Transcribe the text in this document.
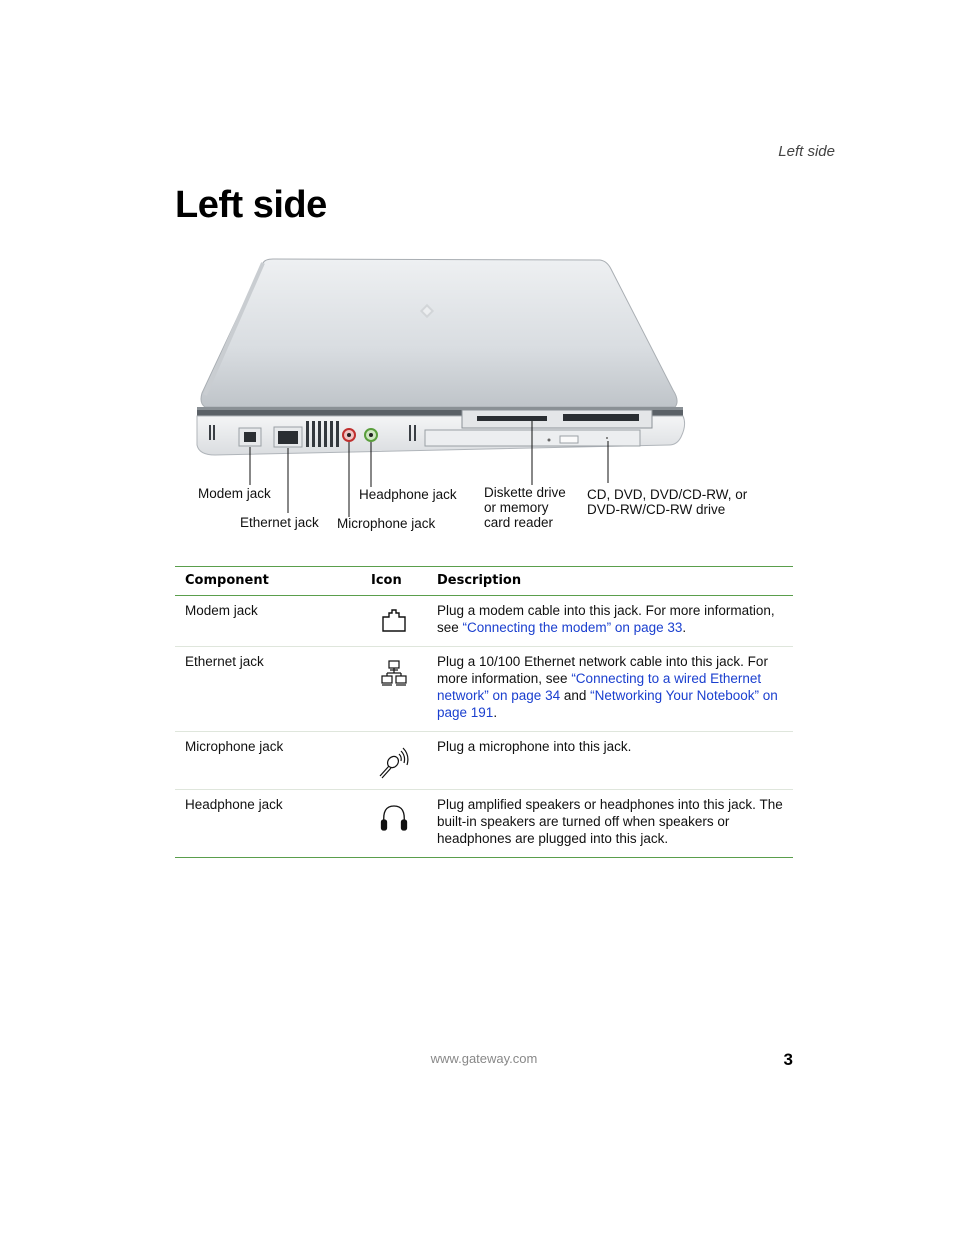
Left side
Left side
Modem jack
Ethernet jack
Headphone jack
Microphone jack
Diskette drive
or memory
card reader
CD, DVD, DVD/CD-RW, or
DVD-RW/CD-RW drive
Component	Icon	Description
Modem jack		Plug a modem cable into this jack. For more information, see “Connecting the modem” on page 33.
Ethernet jack		Plug a 10/100 Ethernet network cable into this jack. For more information, see “Connecting to a wired Ethernet network” on page 34 and “Networking Your Notebook” on page 191.
Microphone jack		Plug a microphone into this jack.
Headphone jack		Plug amplified speakers or headphones into this jack. The built-in speakers are turned off when speakers or headphones are plugged into this jack.
www.gateway.com	3
